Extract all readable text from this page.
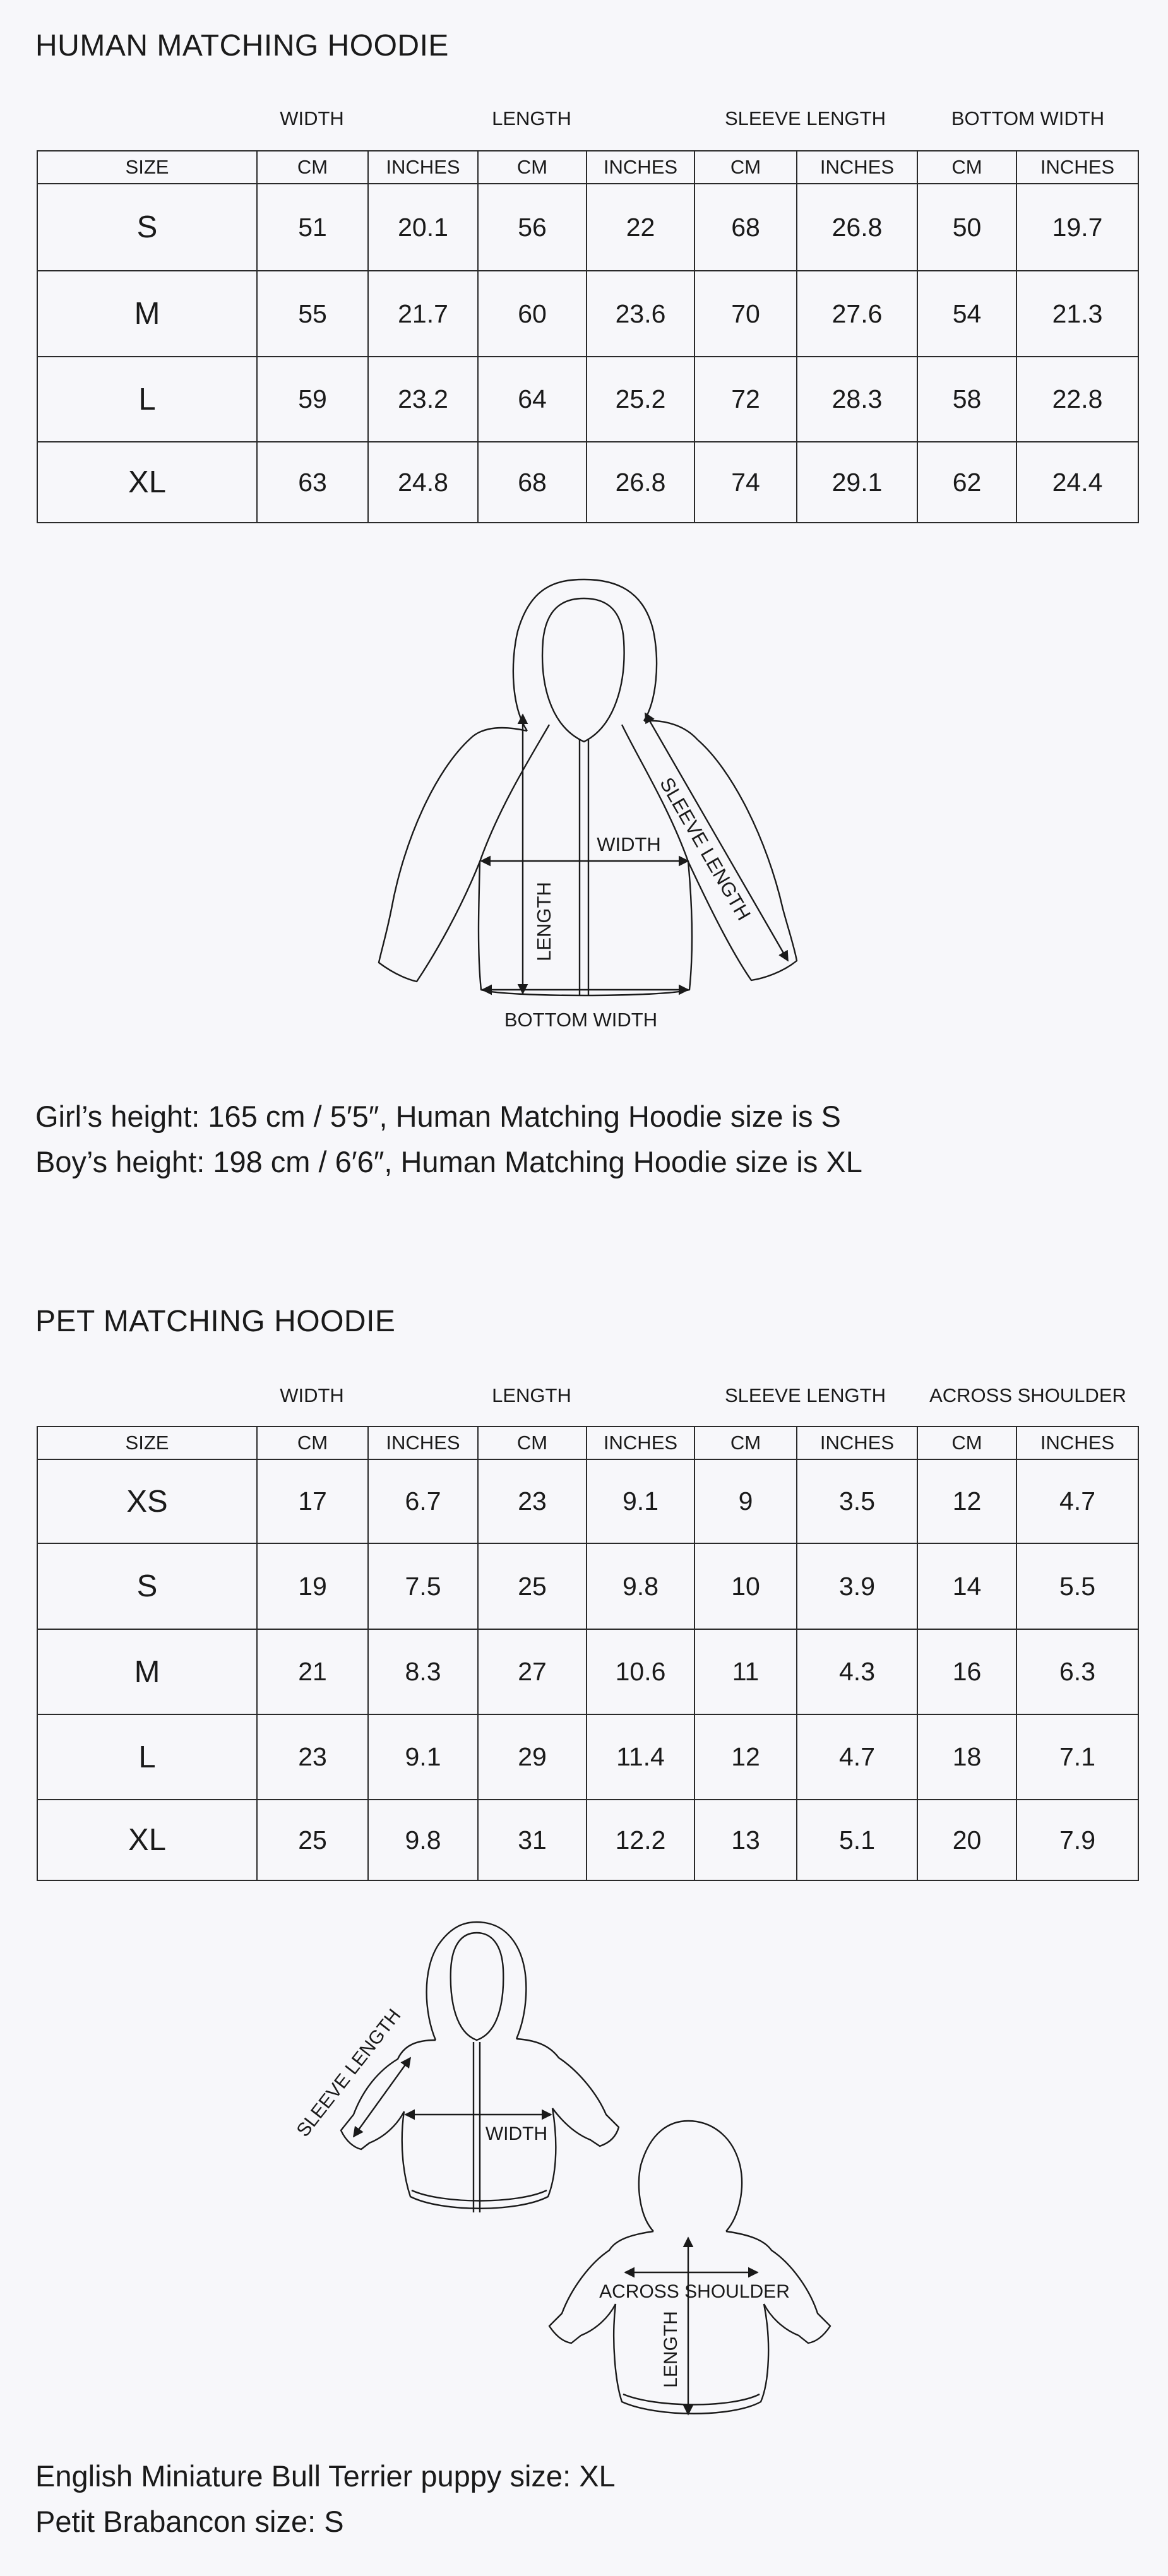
HUMAN MATCHING HOODIE
WIDTH	LENGTH	SLEEVE LENGTH	BOTTOM WIDTH
SIZE	CM	INCHES	CM	INCHES	CM	INCHES	CM	INCHES
S	51	20.1	56	22	68	26.8	50	19.7
M	55	21.7	60	23.6	70	27.6	54	21.3
L	59	23.2	64	25.2	72	28.3	58	22.8
XL	63	24.8	68	26.8	74	29.1	62	24.4
WIDTH
LENGTH	SLEEVE LENGTH
BOTTOM WIDTH
Girl’s height: 165 cm / 5′5″, Human Matching Hoodie size is S
Boy’s height: 198 cm / 6′6″, Human Matching Hoodie size is XL
PET MATCHING HOODIE
WIDTH	LENGTH	SLEEVE LENGTH	ACROSS SHOULDER
SIZE	CM	INCHES	CM	INCHES	CM	INCHES	CM	INCHES
XS	17	6.7	23	9.1	9	3.5	12	4.7
S	19	7.5	25	9.8	10	3.9	14	5.5
M	21	8.3	27	10.6	11	4.3	16	6.3
L	23	9.1	29	11.4	12	4.7	18	7.1
XL	25	9.8	31	12.2	13	5.1	20	7.9
SLEEVE LENGTH	WIDTH
ACROSS SHOULDER
LENGTH
English Miniature Bull Terrier puppy size: XL
Petit Brabancon size: S
